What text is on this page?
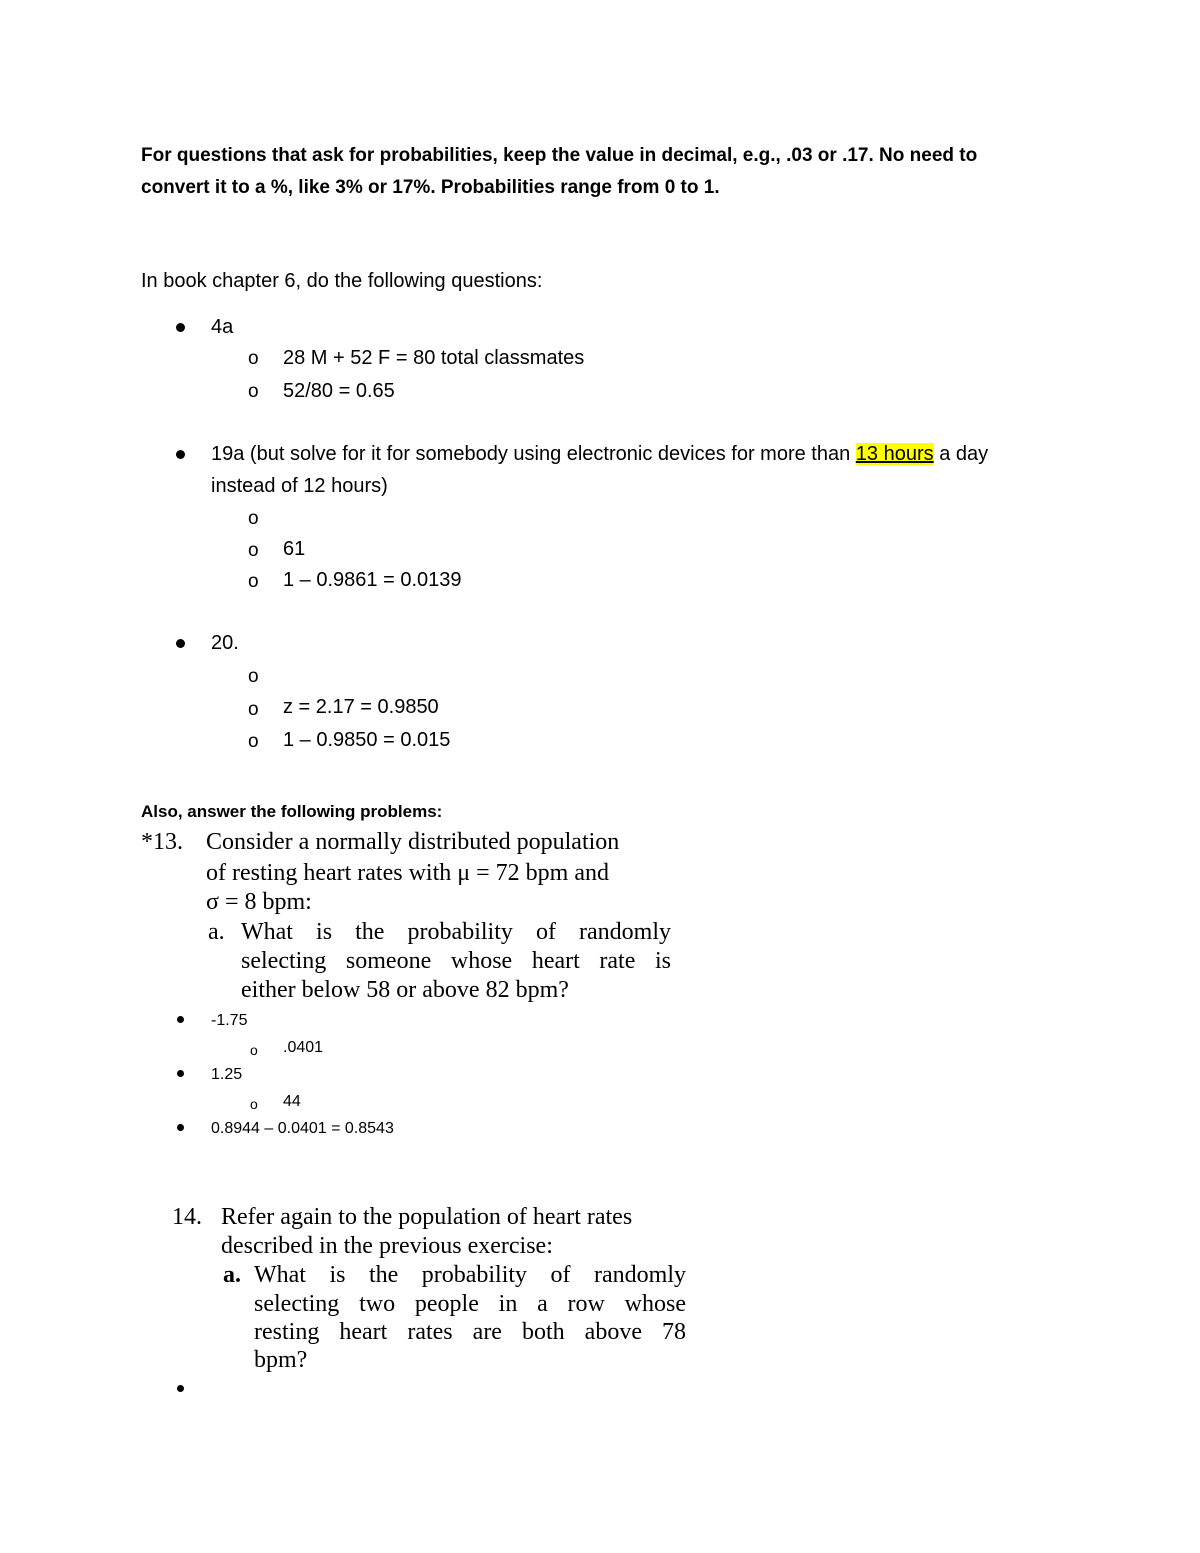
For questions that ask for probabilities, keep the value in decimal, e.g., .03 or .17. No need to
convert it to a %, like 3% or 17%. Probabilities range from 0 to 1.
In book chapter 6, do the following questions:
4a
o 28 M + 52 F = 80 total classmates
o 52/80 = 0.65
19a (but solve for it for somebody using electronic devices for more than 13 hours a day
instead of 12 hours)
o
o 61
o 1 – 0.9861 = 0.0139
20.
o
o z = 2.17 = 0.9850
o 1 – 0.9850 = 0.015
Also, answer the following problems:
*13. Consider a normally distributed population
of resting heart rates with μ = 72 bpm and
σ = 8 bpm:
a. What is the probability of randomly
selecting someone whose heart rate is
either below 58 or above 82 bpm?
-1.75
o .0401
1.25
o 44
0.8944 – 0.0401 = 0.8543
14. Refer again to the population of heart rates
described in the previous exercise:
a. What is the probability of randomly
selecting two people in a row whose
resting heart rates are both above 78
bpm?
